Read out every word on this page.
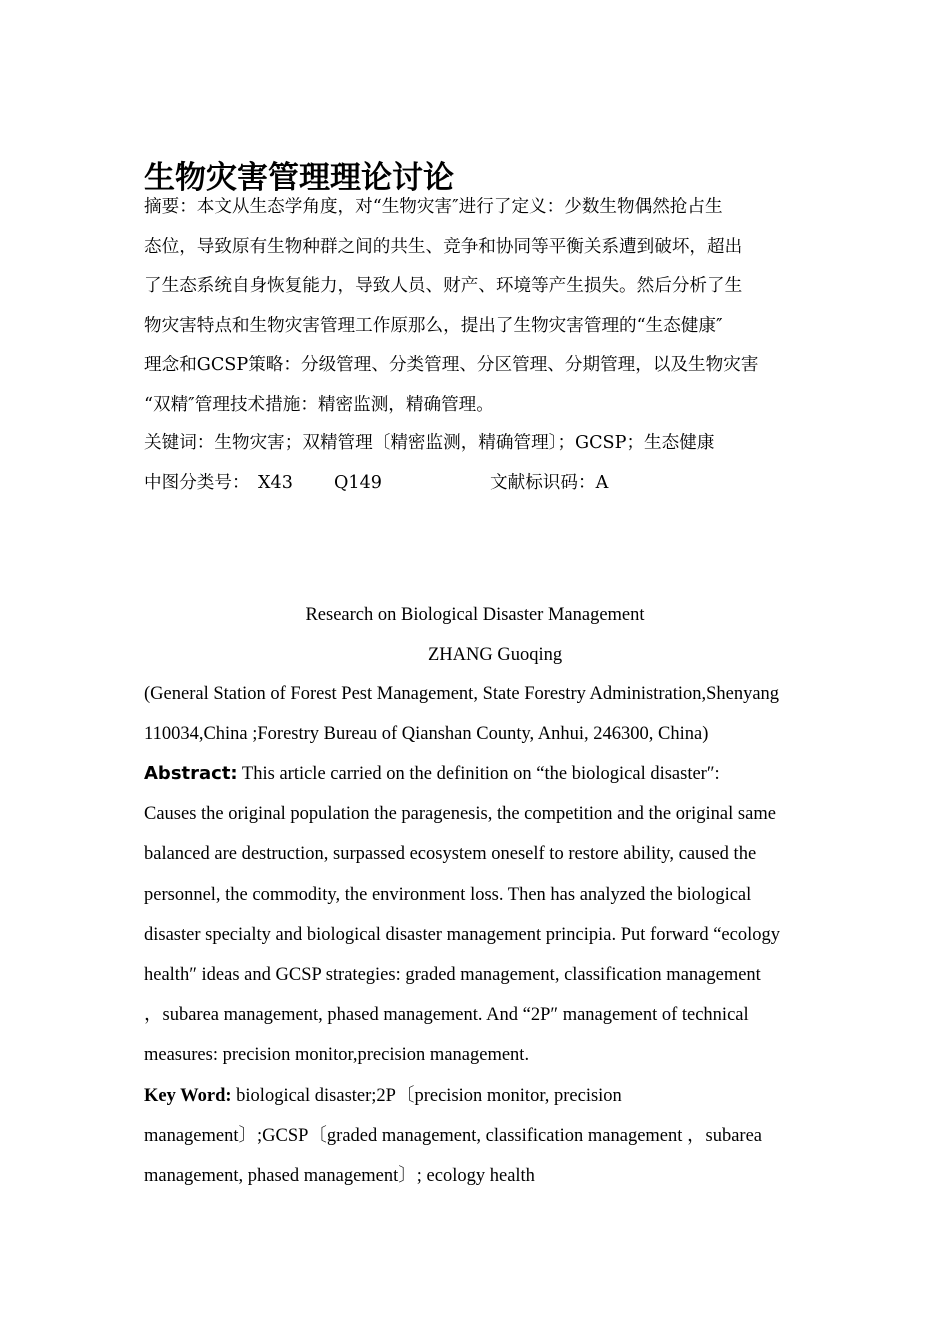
生物灾害管理理论讨论
摘要：本文从生态学角度，对“生物灾害″进行了定义：少数生物偶然抢占生
态位，导致原有生物种群之间的共生、竞争和协同等平衡关系遭到破坏，超出
了生态系统自身恢复能力，导致人员、财产、环境等产生损失。然后分析了生
物灾害特点和生物灾害管理工作原那么，提出了生物灾害管理的“生态健康″
理念和GCSP策略：分级管理、分类管理、分区管理、分期管理，以及生物灾害
“双精″管理技术措施：精密监测，精确管理。
关键词：生物灾害；双精管理〔精密监测，精确管理〕；GCSP；生态健康
中图分类号： X43 Q149	文献标识码：A
Research on Biological Disaster Management
ZHANG Guoqing
(General Station of Forest Pest Management, State Forestry Administration,Shenyang
110034,China ;Forestry Bureau of Qianshan County, Anhui, 246300, China)
Abstract: This article carried on the definition on “the biological disaster″:
Causes the original population the paragenesis, the competition and the original same
balanced are destruction, surpassed ecosystem oneself to restore ability, caused the
personnel, the commodity, the environment loss. Then has analyzed the biological
disaster specialty and biological disaster management principia. Put forward “ecology
health″ ideas and GCSP strategies: graded management, classification management
，subarea management, phased management. And “2P″ management of technical
measures: precision monitor,precision management.
Key Word: biological disaster;2P〔precision monitor, precision
management〕;GCSP〔graded management, classification management ，subarea
management, phased management〕; ecology health
